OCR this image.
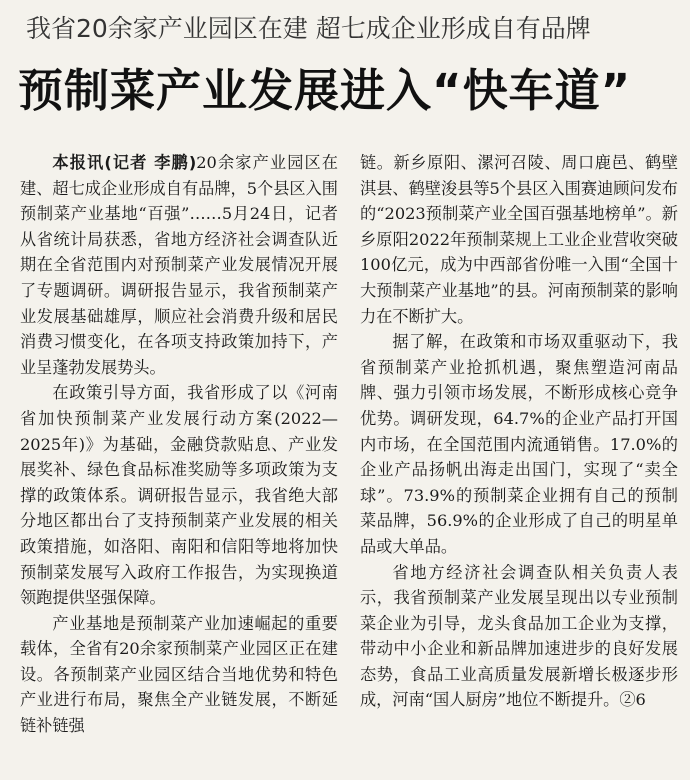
我省20余家产业园区在建 超七成企业形成自有品牌
预制菜产业发展进入“快车道”

本报讯(记者 李鹏)20余家产业园区在建、超七成企业形成自有品牌，5个县区入围预制菜产业基地“百强”……5月24日，记者从省统计局获悉，省地方经济社会调查队近期在全省范围内对预制菜产业发展情况开展了专题调研。调研报告显示，我省预制菜产业发展基础雄厚，顺应社会消费升级和居民消费习惯变化，在各项支持政策加持下，产业呈蓬勃发展势头。

在政策引导方面，我省形成了以《河南省加快预制菜产业发展行动方案(2022—2025年)》为基础，金融贷款贴息、产业发展奖补、绿色食品标准奖励等多项政策为支撑的政策体系。调研报告显示，我省绝大部分地区都出台了支持预制菜产业发展的相关政策措施，如洛阳、南阳和信阳等地将加快预制菜发展写入政府工作报告，为实现换道领跑提供坚强保障。

产业基地是预制菜产业加速崛起的重要载体，全省有20余家预制菜产业园区正在建设。各预制菜产业园区结合当地优势和特色产业进行布局，聚焦全产业链发展，不断延链补链强

链。新乡原阳、漯河召陵、周口鹿邑、鹤壁淇县、鹤壁浚县等5个县区入围赛迪顾问发布的“2023预制菜产业全国百强基地榜单”。新乡原阳2022年预制菜规上工业企业营收突破100亿元，成为中西部省份唯一入围“全国十大预制菜产业基地”的县。河南预制菜的影响力在不断扩大。

据了解，在政策和市场双重驱动下，我省预制菜产业抢抓机遇，聚焦塑造河南品牌、强力引领市场发展，不断形成核心竞争优势。调研发现，64.7%的企业产品打开国内市场，在全国范围内流通销售。17.0%的企业产品扬帆出海走出国门，实现了“卖全球”。73.9%的预制菜企业拥有自己的预制菜品牌，56.9%的企业形成了自己的明星单品或大单品。

省地方经济社会调查队相关负责人表示，我省预制菜产业发展呈现出以专业预制菜企业为引导，龙头食品加工企业为支撑，带动中小企业和新品牌加速进步的良好发展态势，食品工业高质量发展新增长极逐步形成，河南“国人厨房”地位不断提升。②6
